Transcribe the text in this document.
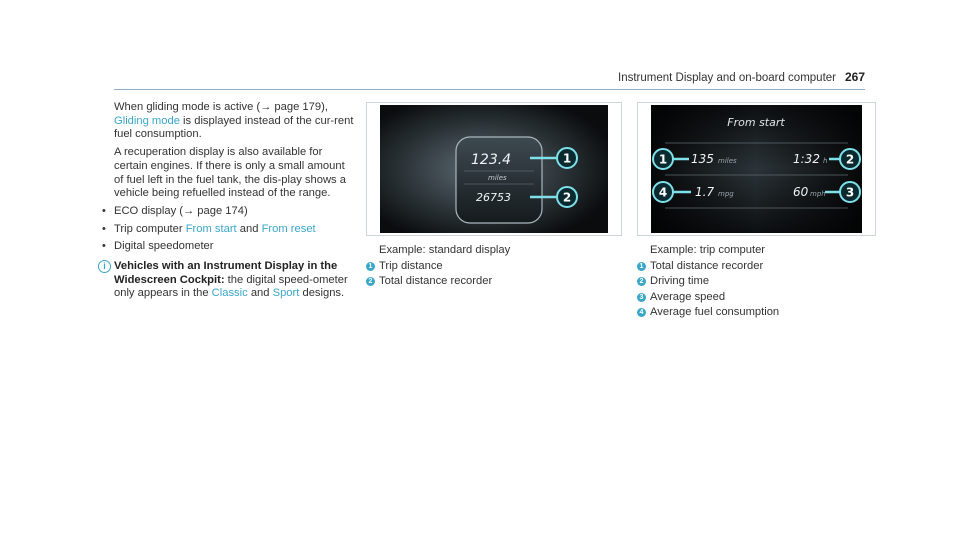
Instrument Display and on-board computer 267

When gliding mode is active (→ page 179),
Gliding mode is displayed instead of the cur-rent fuel consumption.

A recuperation display is also available for certain engines. If there is only a small amount of fuel left in the fuel tank, the dis-play shows a vehicle being refuelled instead of the range.

• ECO display (→ page 174)
• Trip computer From start and From reset
• Digital speedometer
i Vehicles with an Instrument Display in the Widescreen Cockpit: the digital speed-ometer only appears in the Classic and Sport designs.
123.4
miles
26753
1
2
Example: standard display
1 Trip distance
2 Total distance recorder
From start
135 miles	1:32 h
1.7 mpg	60 mph
1	2
4	3
Example: trip computer
1 Total distance recorder
2 Driving time
3 Average speed
4 Average fuel consumption
